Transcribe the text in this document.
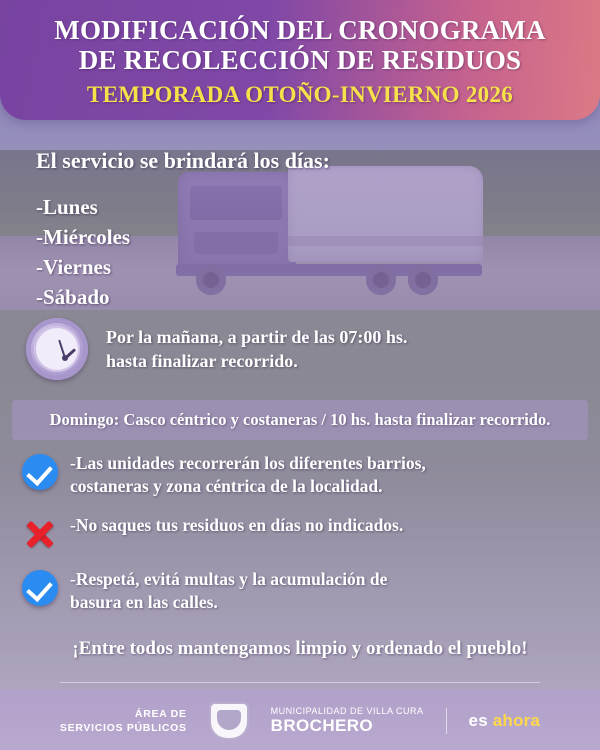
MODIFICACIÓN DEL CRONOGRAMA
DE RECOLECCIÓN DE RESIDUOS
TEMPORADA OTOÑO-INVIERNO 2026
El servicio se brindará los días:
-Lunes
-Miércoles
-Viernes
-Sábado
Por la mañana, a partir de las 07:00 hs.
hasta finalizar recorrido.
Domingo: Casco céntrico y costaneras / 10 hs. hasta finalizar recorrido.
-Las unidades recorrerán los diferentes barrios,
costaneras y zona céntrica de la localidad.
-No saques tus residuos en días no indicados.
-Respetá, evitá multas y la acumulación de
basura en las calles.
¡Entre todos mantengamos limpio y ordenado el pueblo!
ÁREA DE
SERVICIOS PÚBLICOS
MUNICIPALIDAD DE VILLA CURA
BROCHERO	es ahora
